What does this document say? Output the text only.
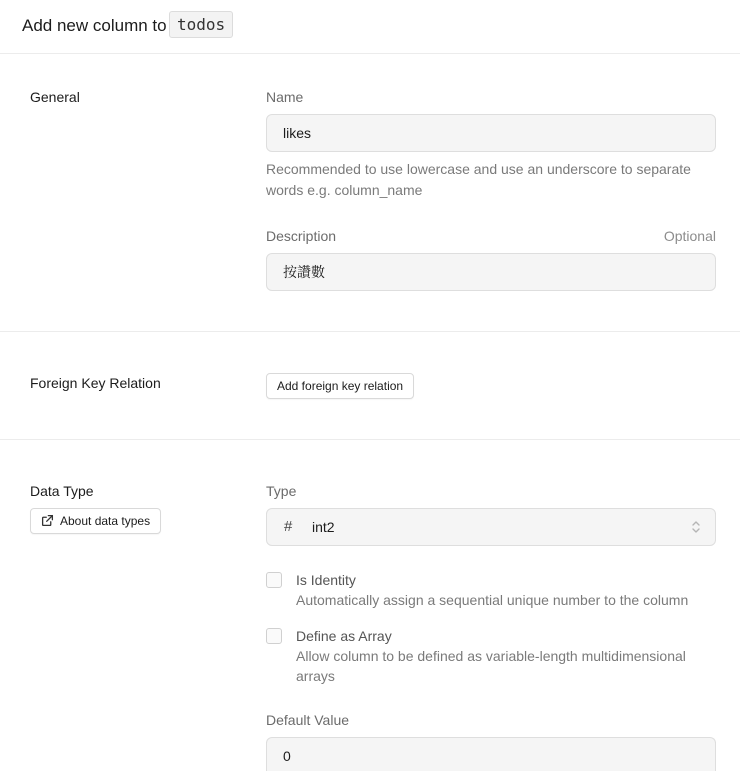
Add new column to todos
General	Name
likes
Recommended to use lowercase and use an underscore to separate words e.g. column_name
Description	Optional
按讚數
Foreign Key Relation	Add foreign key relation
Data Type
About data types
Type
# int2
Is Identity
Automatically assign a sequential unique number to the column
Define as Array
Allow column to be defined as variable-length multidimensional arrays
Default Value
0
